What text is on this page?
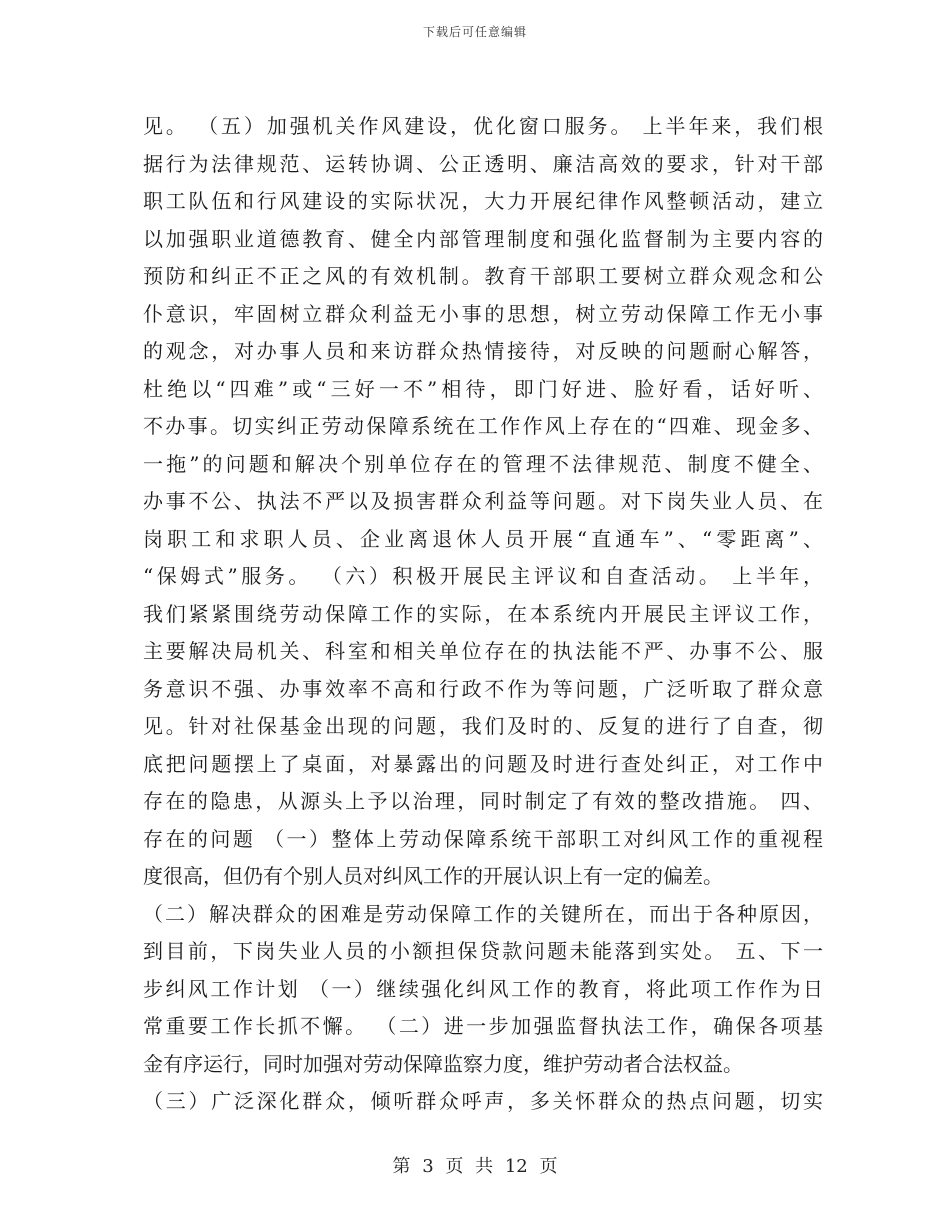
下载后可任意编辑
见。 （五）加强机关作风建设，优化窗口服务。 上半年来，我们根
据行为法律规范、运转协调、公正透明、廉洁高效的要求，针对干部
职工队伍和行风建设的实际状况，大力开展纪律作风整顿活动，建立
以加强职业道德教育、健全内部管理制度和强化监督制为主要内容的
预防和纠正不正之风的有效机制。教育干部职工要树立群众观念和公
仆意识，牢固树立群众利益无小事的思想，树立劳动保障工作无小事
的观念，对办事人员和来访群众热情接待，对反映的问题耐心解答，
杜绝以“四难”或“三好一不”相待，即门好进、脸好看，话好听、
不办事。切实纠正劳动保障系统在工作作风上存在的“四难、现金多、
一拖”的问题和解决个别单位存在的管理不法律规范、制度不健全、
办事不公、执法不严以及损害群众利益等问题。对下岗失业人员、在
岗职工和求职人员、企业离退休人员开展“直通车”、“零距离”、
“保姆式”服务。 （六）积极开展民主评议和自查活动。 上半年，
我们紧紧围绕劳动保障工作的实际，在本系统内开展民主评议工作，
主要解决局机关、科室和相关单位存在的执法能不严、办事不公、服
务意识不强、办事效率不高和行政不作为等问题，广泛听取了群众意
见。针对社保基金出现的问题，我们及时的、反复的进行了自查，彻
底把问题摆上了桌面，对暴露出的问题及时进行查处纠正，对工作中
存在的隐患，从源头上予以治理，同时制定了有效的整改措施。 四、
存在的问题 （一）整体上劳动保障系统干部职工对纠风工作的重视程
度很高，但仍有个别人员对纠风工作的开展认识上有一定的偏差。
（二）解决群众的困难是劳动保障工作的关键所在，而出于各种原因，
到目前，下岗失业人员的小额担保贷款问题未能落到实处。 五、下一
步纠风工作计划 （一）继续强化纠风工作的教育，将此项工作作为日
常重要工作长抓不懈。 （二）进一步加强监督执法工作，确保各项基
金有序运行，同时加强对劳动保障监察力度，维护劳动者合法权益。
（三）广泛深化群众，倾听群众呼声，多关怀群众的热点问题，切实
第 3 页 共 12 页
